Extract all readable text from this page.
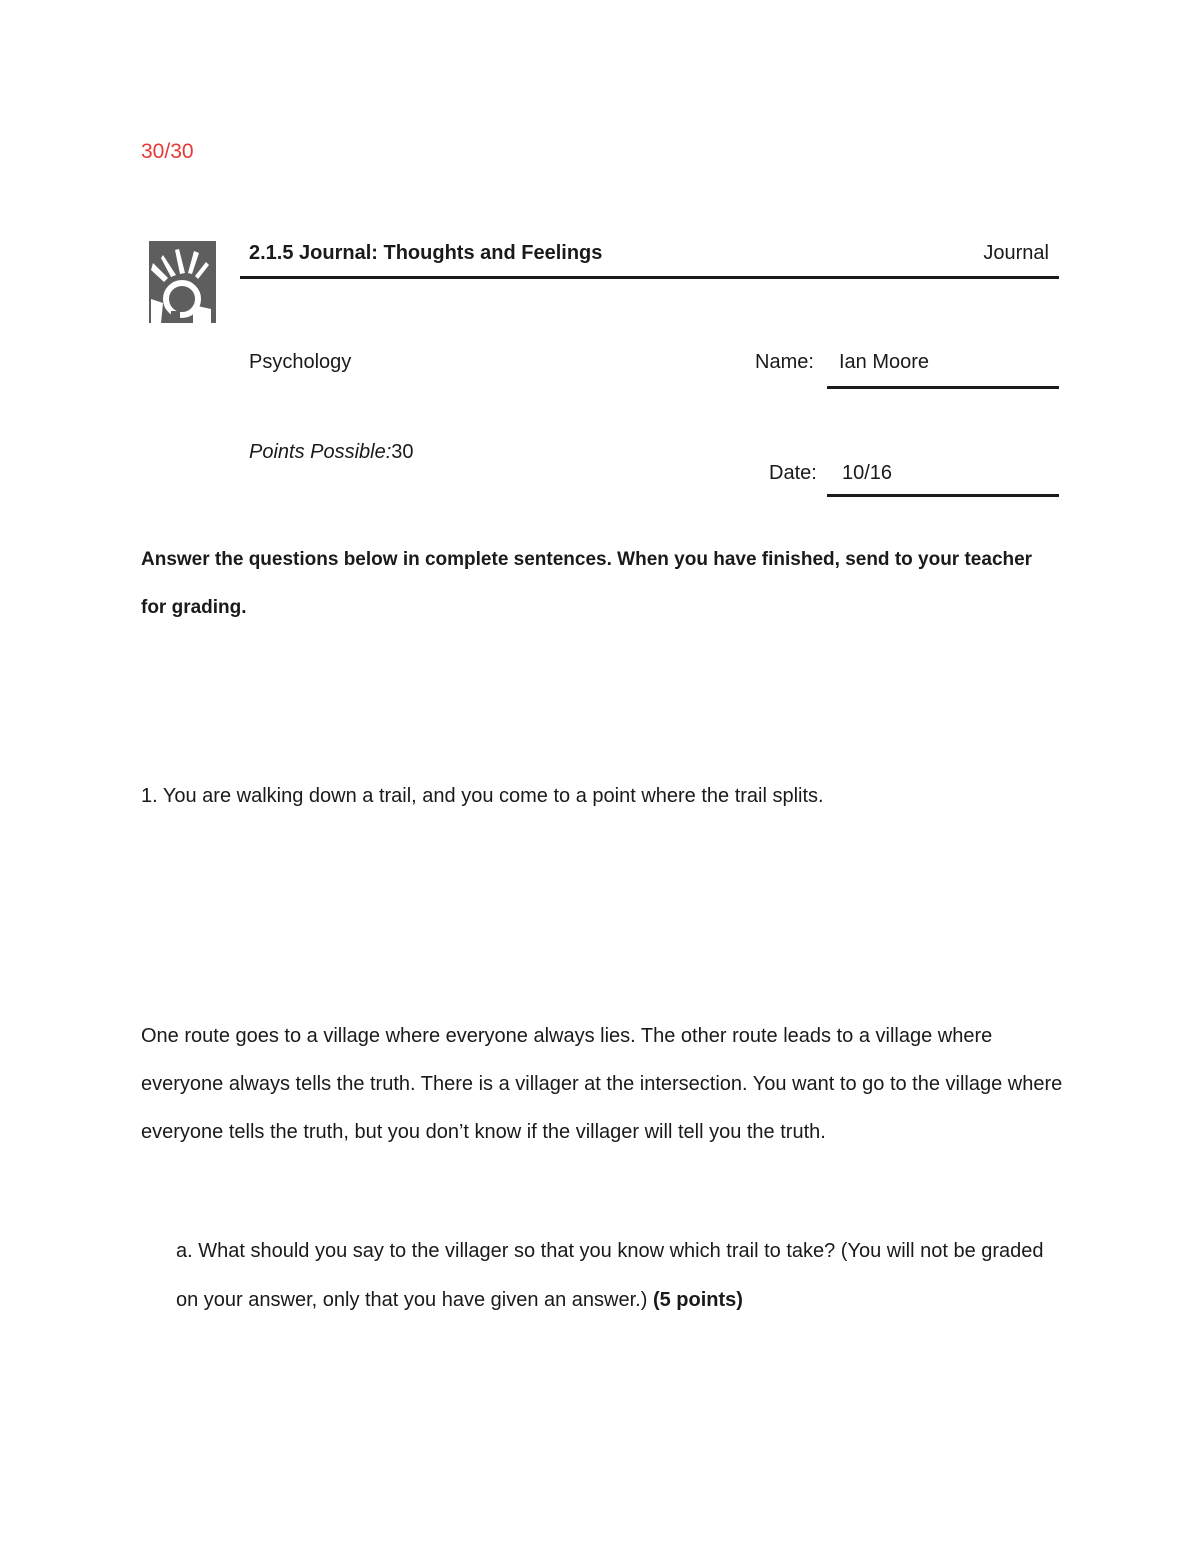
30/30
2.1.5 Journal: Thoughts and Feelings	Journal
Psychology	Name: Ian Moore
Points Possible:30
Date: 10/16
Answer the questions below in complete sentences. When you have finished, send to your teacher for grading.
1. You are walking down a trail, and you come to a point where the trail splits.
One route goes to a village where everyone always lies. The other route leads to a village where everyone always tells the truth. There is a villager at the intersection. You want to go to the village where everyone tells the truth, but you don’t know if the villager will tell you the truth.
a. What should you say to the villager so that you know which trail to take? (You will not be graded on your answer, only that you have given an answer.) (5 points)
